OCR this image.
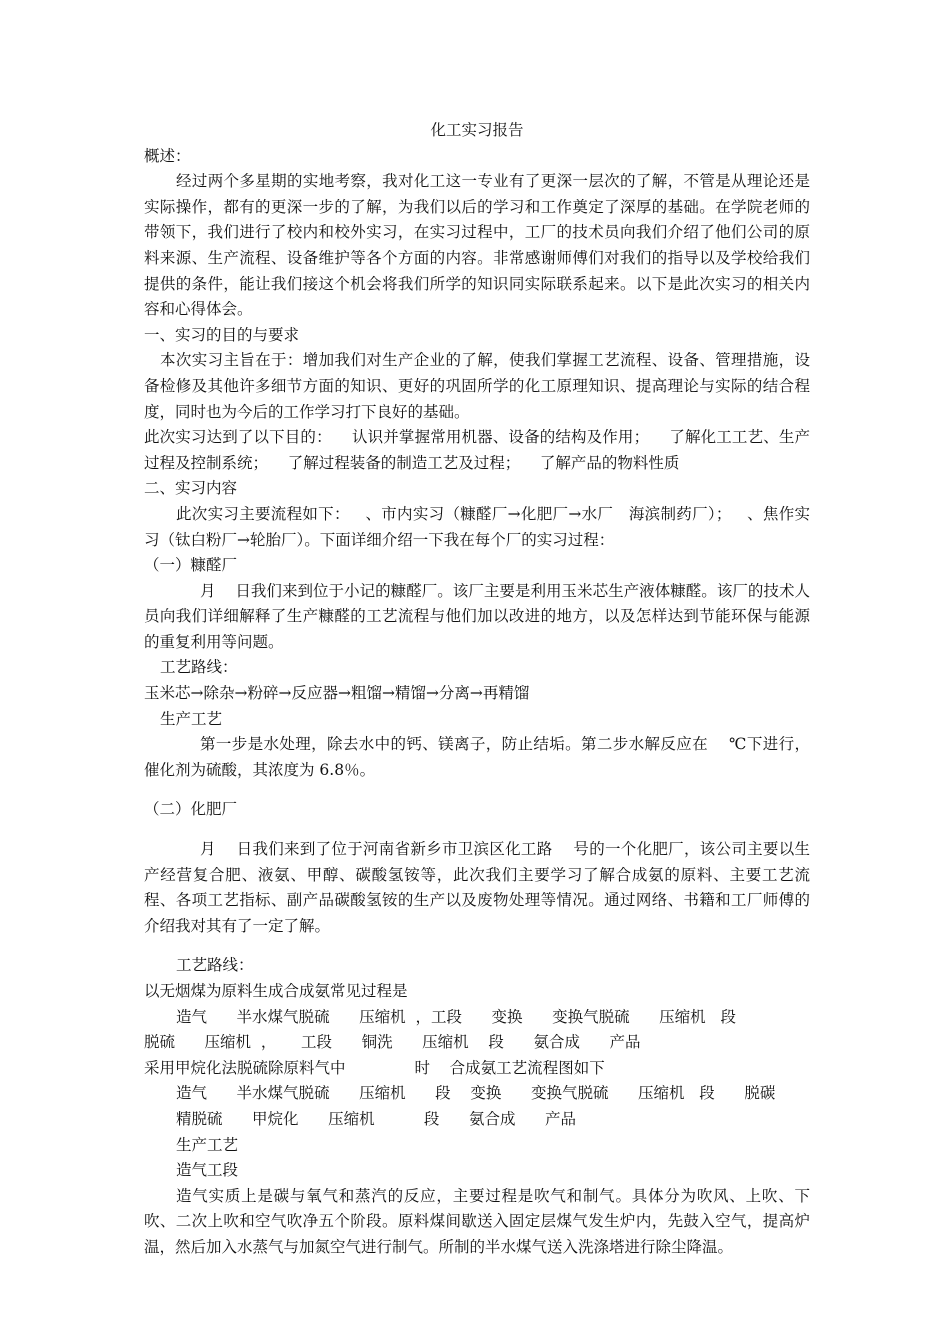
化工实习报告

概述：

经过两个多星期的实地考察，我对化工这一专业有了更深一层次的了解，不管是从理论还是实际操作，都有的更深一步的了解，为我们以后的学习和工作奠定了深厚的基础。在学院老师的带领下，我们进行了校内和校外实习，在实习过程中，工厂的技术员向我们介绍了他们公司的原料来源、生产流程、设备维护等各个方面的内容。非常感谢师傅们对我们的指导以及学校给我们提供的条件，能让我们接这个机会将我们所学的知识同实际联系起来。以下是此次实习的相关内容和心得体会。

一、实习的目的与要求

本次实习主旨在于：增加我们对生产企业的了解，使我们掌握工艺流程、设备、管理措施，设备检修及其他许多细节方面的知识、更好的巩固所学的化工原理知识、提高理论与实际的结合程度，同时也为今后的工作学习打下良好的基础。

此次实习达到了以下目的：    认识并掌握常用机器、设备的结构及作用；    了解化工工艺、生产过程及控制系统；    了解过程装备的制造工艺及过程；    了解产品的物料性质

二、实习内容

此次实习主要流程如下：   、市内实习（糠醛厂→化肥厂→水厂   海滨制药厂）；   、焦作实习（钛白粉厂→轮胎厂）。下面详细介绍一下我在每个厂的实习过程：

（一）糠醛厂

月    日我们来到位于小记的糠醛厂。该厂主要是利用玉米芯生产液体糠醛。该厂的技术人员向我们详细解释了生产糠醛的工艺流程与他们加以改进的地方，以及怎样达到节能环保与能源的重复利用等问题。

工艺路线：

玉米芯→除杂→粉碎→反应器→粗馏→精馏→分离→再精馏

生产工艺

第一步是水处理，除去水中的钙、镁离子，防止结垢。第二步水解反应在    ℃下进行，催化剂为硫酸，其浓度为 6.8％。

（二）化肥厂

月    日我们来到了位于河南省新乡市卫滨区化工路    号的一个化肥厂，该公司主要以生产经营复合肥、液氨、甲醇、碳酸氢铵等，此次我们主要学习了解合成氨的原料、主要工艺流程、各项工艺指标、副产品碳酸氢铵的生产以及废物处理等情况。通过网络、书籍和工厂师傅的介绍我对其有了一定了解。

工艺路线：

以无烟煤为原料生成合成氨常见过程是

造气      半水煤气脱硫      压缩机  ，工段      变换      变换气脱硫      压缩机   段

脱硫      压缩机  ，     工段      铜洗      压缩机    段      氨合成      产品

采用甲烷化法脱硫除原料气中              时    合成氨工艺流程图如下

造气      半水煤气脱硫      压缩机      段    变换      变换气脱硫      压缩机   段      脱碳

精脱硫      甲烷化      压缩机          段      氨合成      产品

生产工艺

造气工段

造气实质上是碳与氧气和蒸汽的反应，主要过程是吹气和制气。具体分为吹风、上吹、下吹、二次上吹和空气吹净五个阶段。原料煤间歇送入固定层煤气发生炉内，先鼓入空气，提高炉温，然后加入水蒸气与加氮空气进行制气。所制的半水煤气送入洗涤塔进行除尘降温。
